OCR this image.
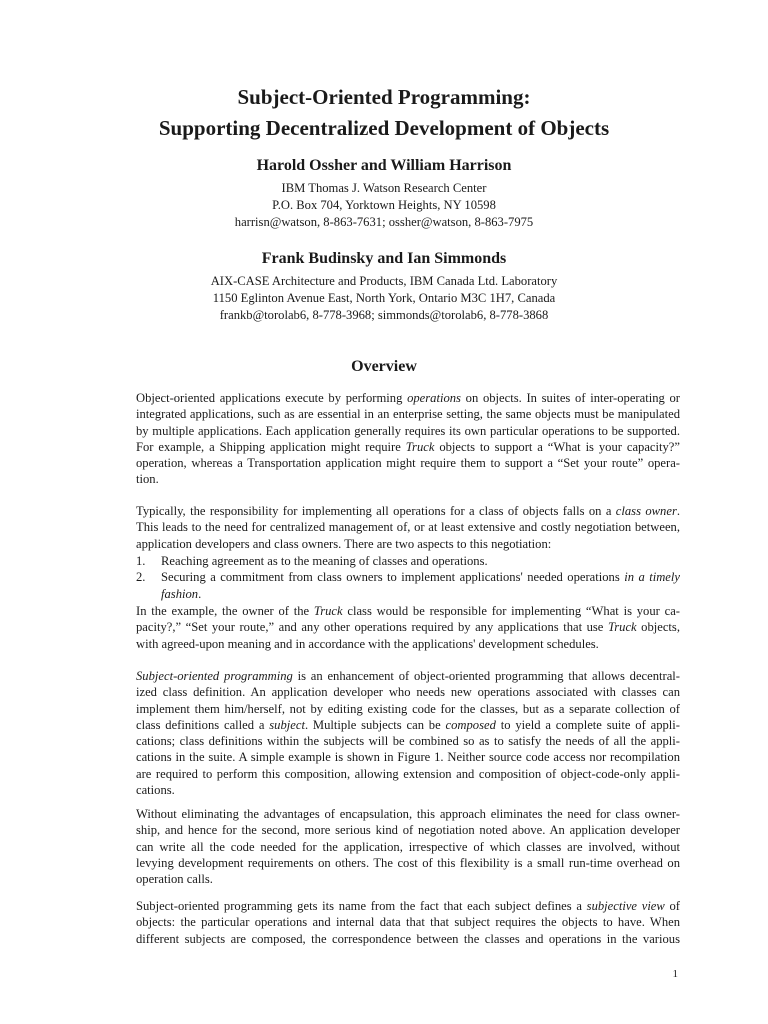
Subject-Oriented Programming:
Supporting Decentralized Development of Objects
Harold Ossher and William Harrison
IBM Thomas J. Watson Research Center
P.O. Box 704, Yorktown Heights, NY 10598
harrisn@watson, 8-863-7631; ossher@watson, 8-863-7975
Frank Budinsky and Ian Simmonds
AIX-CASE Architecture and Products, IBM Canada Ltd. Laboratory
1150 Eglinton Avenue East, North York, Ontario M3C 1H7, Canada
frankb@torolab6, 8-778-3968; simmonds@torolab6, 8-778-3868
Overview
Object-oriented applications execute by performing operations on objects. In suites of inter-operating or
integrated applications, such as are essential in an enterprise setting, the same objects must be manipulated
by multiple applications. Each application generally requires its own particular operations to be supported.
For example, a Shipping application might require Truck objects to support a “What is your capacity?”
operation, whereas a Transportation application might require them to support a “Set your route” opera-
tion.
Typically, the responsibility for implementing all operations for a class of objects falls on a class owner.
This leads to the need for centralized management of, or at least extensive and costly negotiation between,
application developers and class owners. There are two aspects to this negotiation:
1. Reaching agreement as to the meaning of classes and operations.
2. Securing a commitment from class owners to implement applications' needed operations in a timely
fashion.
In the example, the owner of the Truck class would be responsible for implementing “What is your ca-
pacity?,” “Set your route,” and any other operations required by any applications that use Truck objects,
with agreed-upon meaning and in accordance with the applications' development schedules.
Subject-oriented programming is an enhancement of object-oriented programming that allows decentral-
ized class definition. An application developer who needs new operations associated with classes can
implement them him/herself, not by editing existing code for the classes, but as a separate collection of
class definitions called a subject. Multiple subjects can be composed to yield a complete suite of appli-
cations; class definitions within the subjects will be combined so as to satisfy the needs of all the appli-
cations in the suite. A simple example is shown in Figure 1. Neither source code access nor recompilation
are required to perform this composition, allowing extension and composition of object-code-only appli-
cations.
Without eliminating the advantages of encapsulation, this approach eliminates the need for class owner-
ship, and hence for the second, more serious kind of negotiation noted above. An application developer
can write all the code needed for the application, irrespective of which classes are involved, without
levying development requirements on others. The cost of this flexibility is a small run-time overhead on
operation calls.
Subject-oriented programming gets its name from the fact that each subject defines a subjective view of
objects: the particular operations and internal data that that subject requires the objects to have. When
different subjects are composed, the correspondence between the classes and operations in the various
1
